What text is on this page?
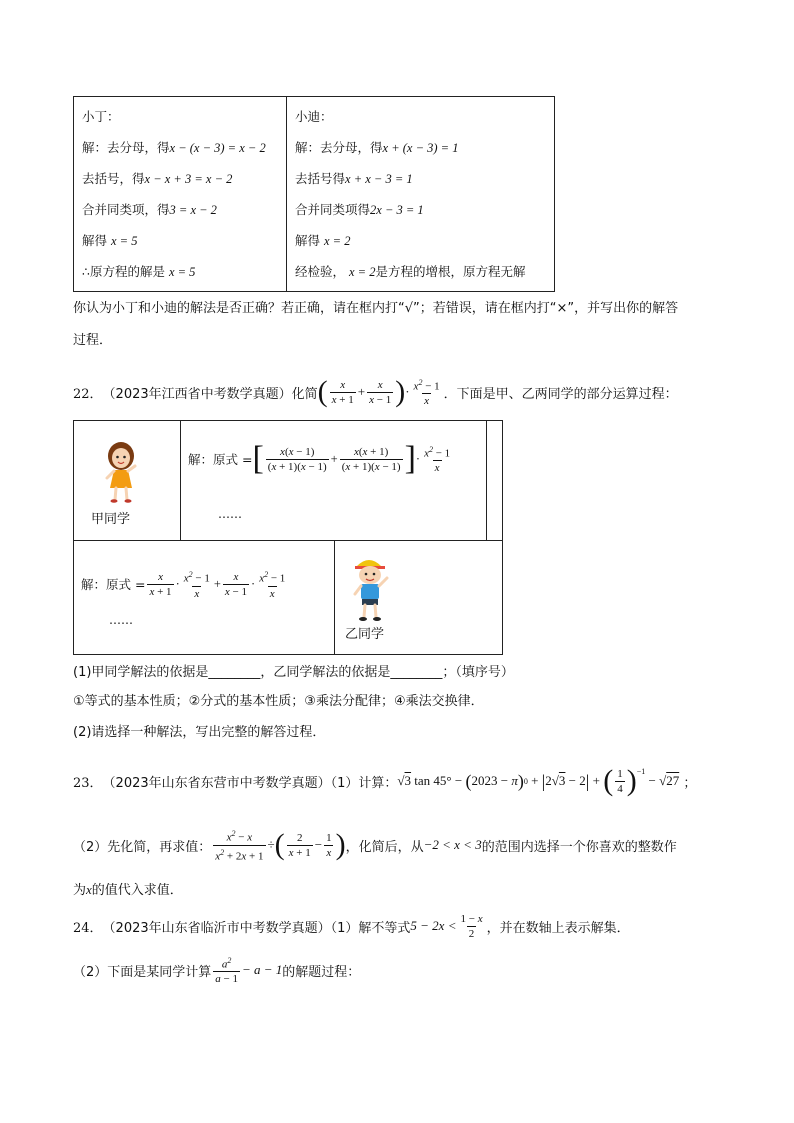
小丁：
解：去分母，得x − (x − 3) = x − 2
去括号，得x − x + 3 = x − 2
合并同类项，得3 = x − 2
解得 x = 5
∴原方程的解是 x = 5
小迪：
解：去分母，得x + (x − 3) = 1
去括号得x + x − 3 = 1
合并同类项得2x − 3 = 1
解得 x = 2
经检验， x = 2是方程的增根，原方程无解
你认为小丁和小迪的解法是否正确？若正确，请在框内打“√”；若错误，请在框内打“×”，并写出你的解答
过程．
22． （2023年江西省中考数学真题）化简 ( $\frac{x}{x + 1} + \frac{x}{x - 1}$ ) · $\frac{x^2 - 1}{x}$ ．下面是甲、乙两同学的部分运算过程：
甲同学
解：原式 = [ $\frac{x(x - 1)}{(x + 1)(x - 1)} + \frac{x(x + 1)}{(x + 1)(x - 1)}$ ] · $\frac{x^2 - 1}{x}$
……
解：原式 = $\frac{x}{x + 1} \cdot \frac{x^2 - 1}{x} + \frac{x}{x - 1} \cdot \frac{x^2 - 1}{x}$
……
乙同学
(1)甲同学解法的依据是________，乙同学解法的依据是________；（填序号）
①等式的基本性质；②分式的基本性质；③乘法分配律；④乘法交换律．
(2)请选择一种解法，写出完整的解答过程．
23． （2023年山东省东营市中考数学真题）（1）计算： √3 tan 45° − ( 2023 − π ) 0 + | 2√3 − 2 | + ( $\frac{1}{4} )^{-1}$
− √27 ；
（2）先化简，再求值： $\frac{x^2 - x}{x^2 + 2x + 1}$ ÷ ( $\frac{2}{x + 1} - \frac{1}{x}$ ) ，化简后，从 −2 < x < 3 的范围内选择一个你喜欢的整数作
为x的值代入求值．
24． （2023年山东省临沂市中考数学真题）（1）解不等式 $5 - 2x < \frac{1 - x}{2}$ ，并在数轴上表示解集．
（2）下面是某同学计算 $\frac{a^2}{a - 1} - a - 1$ 的解题过程：
